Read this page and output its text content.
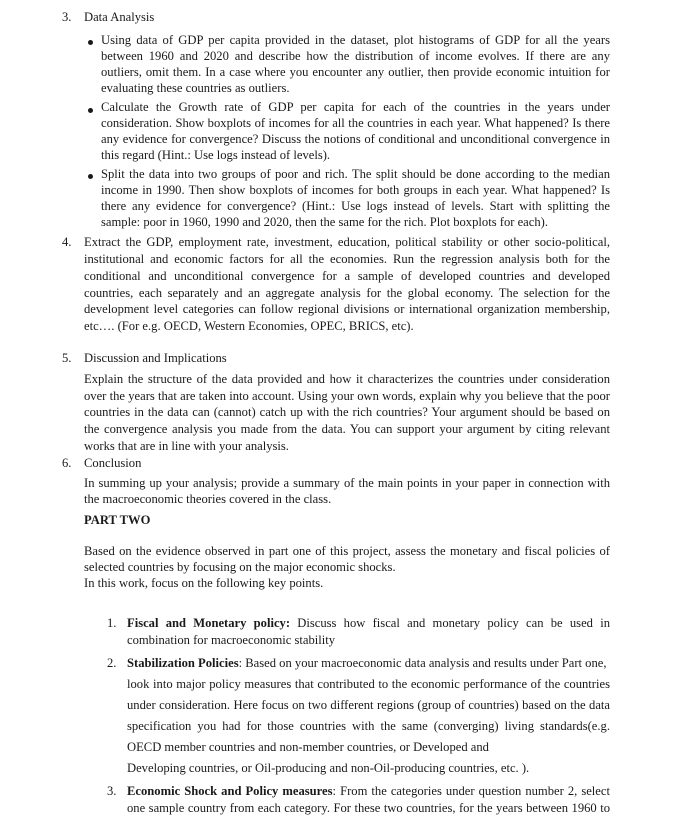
3. Data Analysis
Using data of GDP per capita provided in the dataset, plot histograms of GDP for all the years
between 1960 and 2020 and describe how the distribution of income evolves. If there are any
outliers, omit them. In a case where you encounter any outlier, then provide economic intuition for
evaluating these countries as outliers.
Calculate the Growth rate of GDP per capita for each of the countries in the years under
consideration. Show boxplots of incomes for all the countries in each year. What happened? Is there
any evidence for convergence? Discuss the notions of conditional and unconditional convergence in
this regard (Hint.: Use logs instead of levels).
Split the data into two groups of poor and rich. The split should be done according to the median
income in 1990. Then show boxplots of incomes for both groups in each year. What happened? Is
there any evidence for convergence? (Hint.: Use logs instead of levels. Start with splitting the
sample: poor in 1960, 1990 and 2020, then the same for the rich. Plot boxplots for each).
4. Extract the GDP, employment rate, investment, education, political stability or other socio-political,
institutional and economic factors for all the economies. Run the regression analysis both for the
conditional and unconditional convergence for a sample of developed countries and developed
countries, each separately and an aggregate analysis for the global economy. The selection for the
development level categories can follow regional divisions or international organization membership,
etc…. (For e.g. OECD, Western Economies, OPEC, BRICS, etc).
5. Discussion and Implications
Explain the structure of the data provided and how it characterizes the countries under consideration
over the years that are taken into account. Using your own words, explain why you believe that the poor
countries in the data can (cannot) catch up with the rich countries? Your argument should be based on
the convergence analysis you made from the data. You can support your argument by citing relevant
works that are in line with your analysis.
6. Conclusion
In summing up your analysis; provide a summary of the main points in your paper in connection with
the macroeconomic theories covered in the class.
PART TWO
Based on the evidence observed in part one of this project, assess the monetary and fiscal policies of
selected countries by focusing on the major economic shocks.
In this work, focus on the following key points.
1. Fiscal and Monetary policy: Discuss how fiscal and monetary policy can be used in
combination for macroeconomic stability
2. Stabilization Policies: Based on your macroeconomic data analysis and results under Part one,
look into major policy measures that contributed to the economic performance of the countries
under consideration. Here focus on two different regions (group of countries) based on the data
specification you had for those countries with the same (converging) living standards(e.g.
OECD member countries and non-member countries, or Developed and
Developing countries, or Oil-producing and non-Oil-producing countries, etc. ).
3. Economic Shock and Policy measures: From the categories under question number 2, select
one sample country from each category. For these two countries, for the years between 1960 to
